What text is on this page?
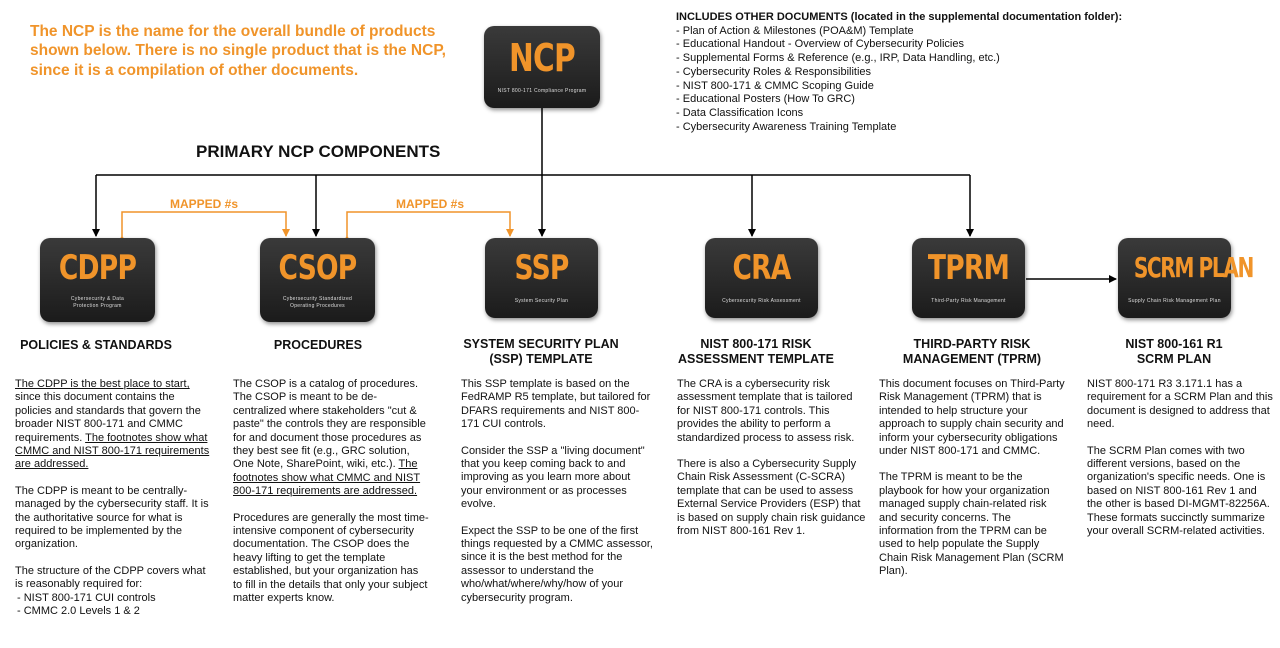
The NCP is the name for the overall bundle of products shown below. There is no single product that is the NCP, since it is a compilation of other documents.
INCLUDES OTHER DOCUMENTS (located in the supplemental documentation folder):
- Plan of Action & Milestones (POA&M) Template
- Educational Handout - Overview of Cybersecurity Policies
- Supplemental Forms & Reference (e.g., IRP, Data Handling, etc.)
- Cybersecurity Roles & Responsibilities
- NIST 800-171 & CMMC Scoping Guide
- Educational Posters (How To GRC)
- Data Classification Icons
- Cybersecurity Awareness Training Template
NCP
NIST 800-171 Compliance Program
PRIMARY NCP COMPONENTS
MAPPED #s	MAPPED #s
CDPP
Cybersecurity & Data
Protection Program
CSOP
Cybersecurity Standardized
Operating Procedures
SSP
System Security Plan
CRA
Cybersecurity Risk Assessment
TPRM
Third-Party Risk Management
SCRM PLAN
Supply Chain Risk Management Plan
POLICIES & STANDARDS	PROCEDURES	SYSTEM SECURITY PLAN
(SSP) TEMPLATE
NIST 800-171 RISK
ASSESSMENT TEMPLATE
THIRD-PARTY RISK
MANAGEMENT (TPRM)
NIST 800-161 R1
SCRM PLAN

The CDPP is the best place to start, since this document contains the policies and standards that govern the broader NIST 800-171 and CMMC requirements. The footnotes show what CMMC and NIST 800-171 requirements are addressed.

The CDPP is meant to be centrally-managed by the cybersecurity staff. It is the authoritative source for what is required to be implemented by the organization.

The structure of the CDPP covers what is reasonably required for:

- NIST 800-171 CUI controls
- CMMC 2.0 Levels 1 & 2

The CSOP is a catalog of procedures. The CSOP is meant to be de-centralized where stakeholders "cut & paste" the controls they are responsible for and document those procedures as they best see fit (e.g., GRC solution, One Note, SharePoint, wiki, etc.). The footnotes show what CMMC and NIST 800-171 requirements are addressed.

Procedures are generally the most time-intensive component of cybersecurity documentation. The CSOP does the heavy lifting to get the template established, but your organization has to fill in the details that only your subject matter experts know.

This SSP template is based on the FedRAMP R5 template, but tailored for DFARS requirements and NIST 800-171 CUI controls.

Consider the SSP a "living document" that you keep coming back to and improving as you learn more about your environment or as processes evolve.

Expect the SSP to be one of the first things requested by a CMMC assessor, since it is the best method for the assessor to understand the who/what/where/why/how of your cybersecurity program.

The CRA is a cybersecurity risk assessment template that is tailored for NIST 800-171 controls. This provides the ability to perform a standardized process to assess risk.

There is also a Cybersecurity Supply Chain Risk Assessment (C-SCRA) template that can be used to assess External Service Providers (ESP) that is based on supply chain risk guidance from NIST 800-161 Rev 1.

This document focuses on Third-Party Risk Management (TPRM) that is intended to help structure your approach to supply chain security and inform your cybersecurity obligations under NIST 800-171 and CMMC.

The TPRM is meant to be the playbook for how your organization managed supply chain-related risk and security concerns. The information from the TPRM can be used to help populate the Supply Chain Risk Management Plan (SCRM Plan).

NIST 800-171 R3 3.171.1 has a requirement for a SCRM Plan and this document is designed to address that need.

The SCRM Plan comes with two different versions, based on the organization's specific needs. One is based on NIST 800-161 Rev 1 and the other is based DI-MGMT-82256A. These formats succinctly summarize your overall SCRM-related activities.
